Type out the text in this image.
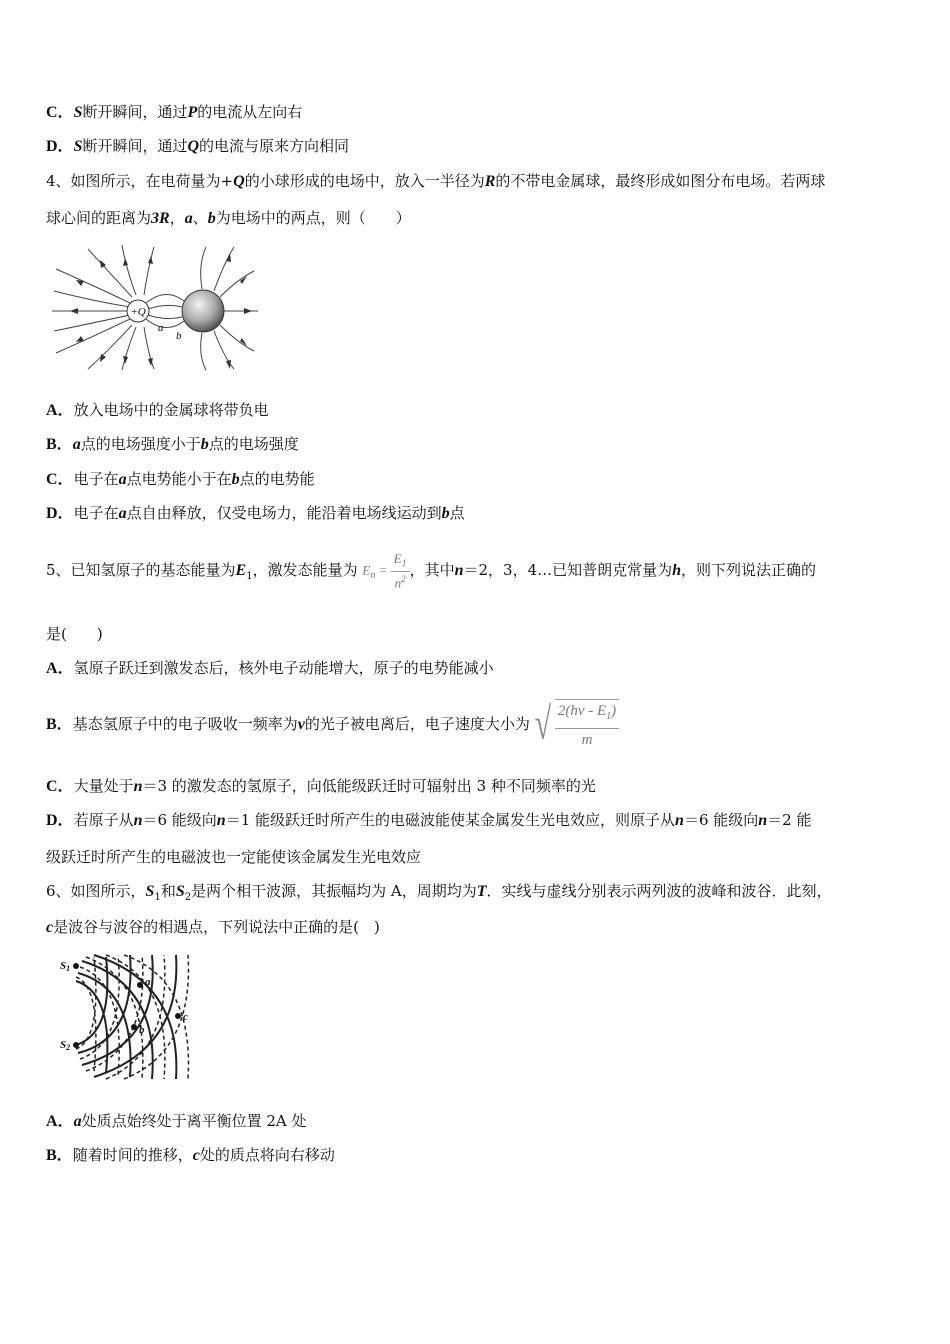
C．S断开瞬间，通过P的电流从左向右
D．S断开瞬间，通过Q的电流与原来方向相同
4、如图所示，在电荷量为+Q的小球形成的电场中，放入一半径为R的不带电金属球，最终形成如图分布电场。若两球
球心间的距离为3R，a、b为电场中的两点，则（　　）
+Q
a
b
A．放入电场中的金属球将带负电
B．a点的电场强度小于b点的电场强度
C．电子在a点电势能小于在b点的电势能
D．电子在a点自由释放，仅受电场力，能沿着电场线运动到b点
5、已知氢原子的基态能量为$E_1$，激发态能量为 $E_n = \frac{E_1}{n^2}$ ，其中n＝2，3，4…已知普朗克常量为h，则下列说法正确的
是(　　)
A．氢原子跃迁到激发态后，核外电子动能增大，原子的电势能减小
B．基态氢原子中的电子吸收一频率为v的光子被电离后，电子速度大小为 √ $\frac{2(h\nu - E_1)}{m}$
C．大量处于n＝3 的激发态的氢原子，向低能级跃迁时可辐射出 3 种不同频率的光
D．若原子从n＝6 能级向n＝1 能级跃迁时所产生的电磁波能使某金属发生光电效应，则原子从n＝6 能级向n＝2 能
级跃迁时所产生的电磁波也一定能使该金属发生光电效应
6、如图所示，$S_1$和$S_2$是两个相干波源，其振幅均为 A，周期均为T．实线与虚线分别表示两列波的波峰和波谷．此刻，
c是波谷与波谷的相遇点，下列说法中正确的是(　)
S1
S2
a
b
c
A．a处质点始终处于离平衡位置 2A 处
B．随着时间的推移，c处的质点将向右移动
